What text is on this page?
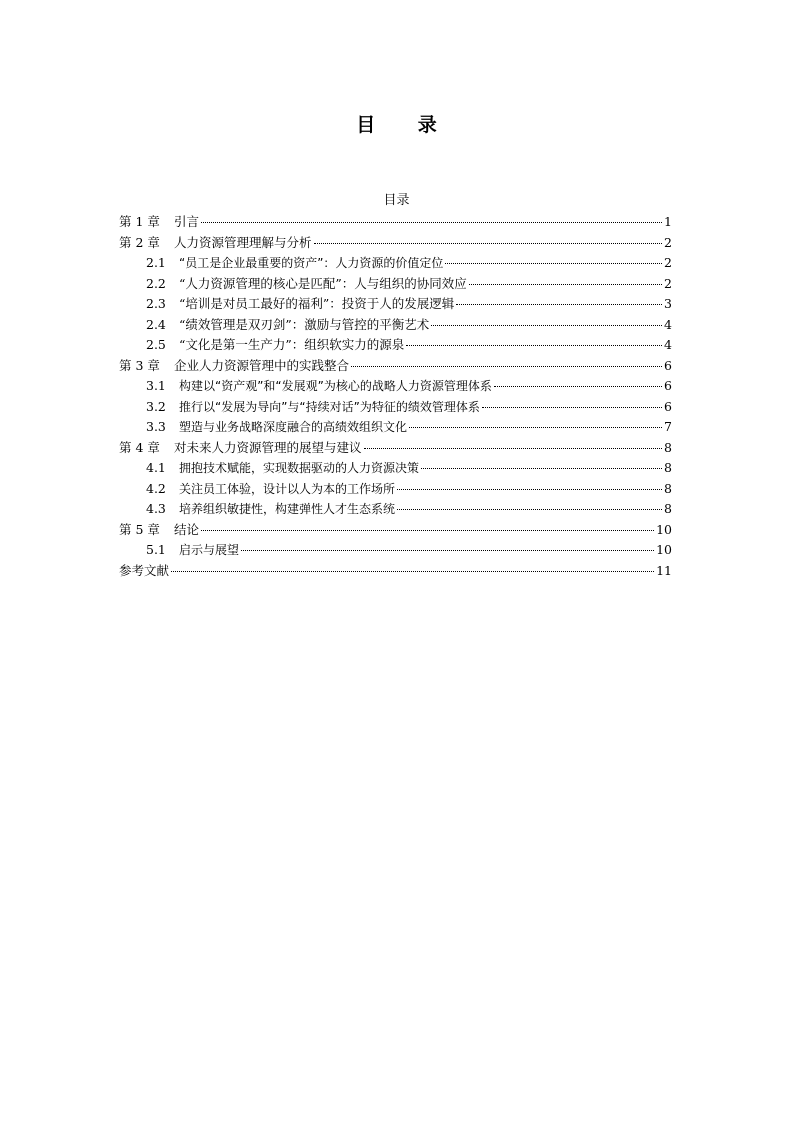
目 录
目录
第 1 章	引言	1
第 2 章	人力资源管理理解与分析	2
2.1	“员工是企业最重要的资产”：人力资源的价值定位	2
2.2	“人力资源管理的核心是匹配”：人与组织的协同效应	2
2.3	“培训是对员工最好的福利”：投资于人的发展逻辑	3
2.4	“绩效管理是双刃剑”：激励与管控的平衡艺术	4
2.5	“文化是第一生产力”：组织软实力的源泉	4
第 3 章	企业人力资源管理中的实践整合	6
3.1	构建以“资产观”和“发展观”为核心的战略人力资源管理体系	6
3.2	推行以“发展为导向”与“持续对话”为特征的绩效管理体系	6
3.3	塑造与业务战略深度融合的高绩效组织文化	7
第 4 章	对未来人力资源管理的展望与建议	8
4.1	拥抱技术赋能，实现数据驱动的人力资源决策	8
4.2	关注员工体验，设计以人为本的工作场所	8
4.3	培养组织敏捷性，构建弹性人才生态系统	8
第 5 章	结论	10
5.1	启示与展望	10
参考文献	11
